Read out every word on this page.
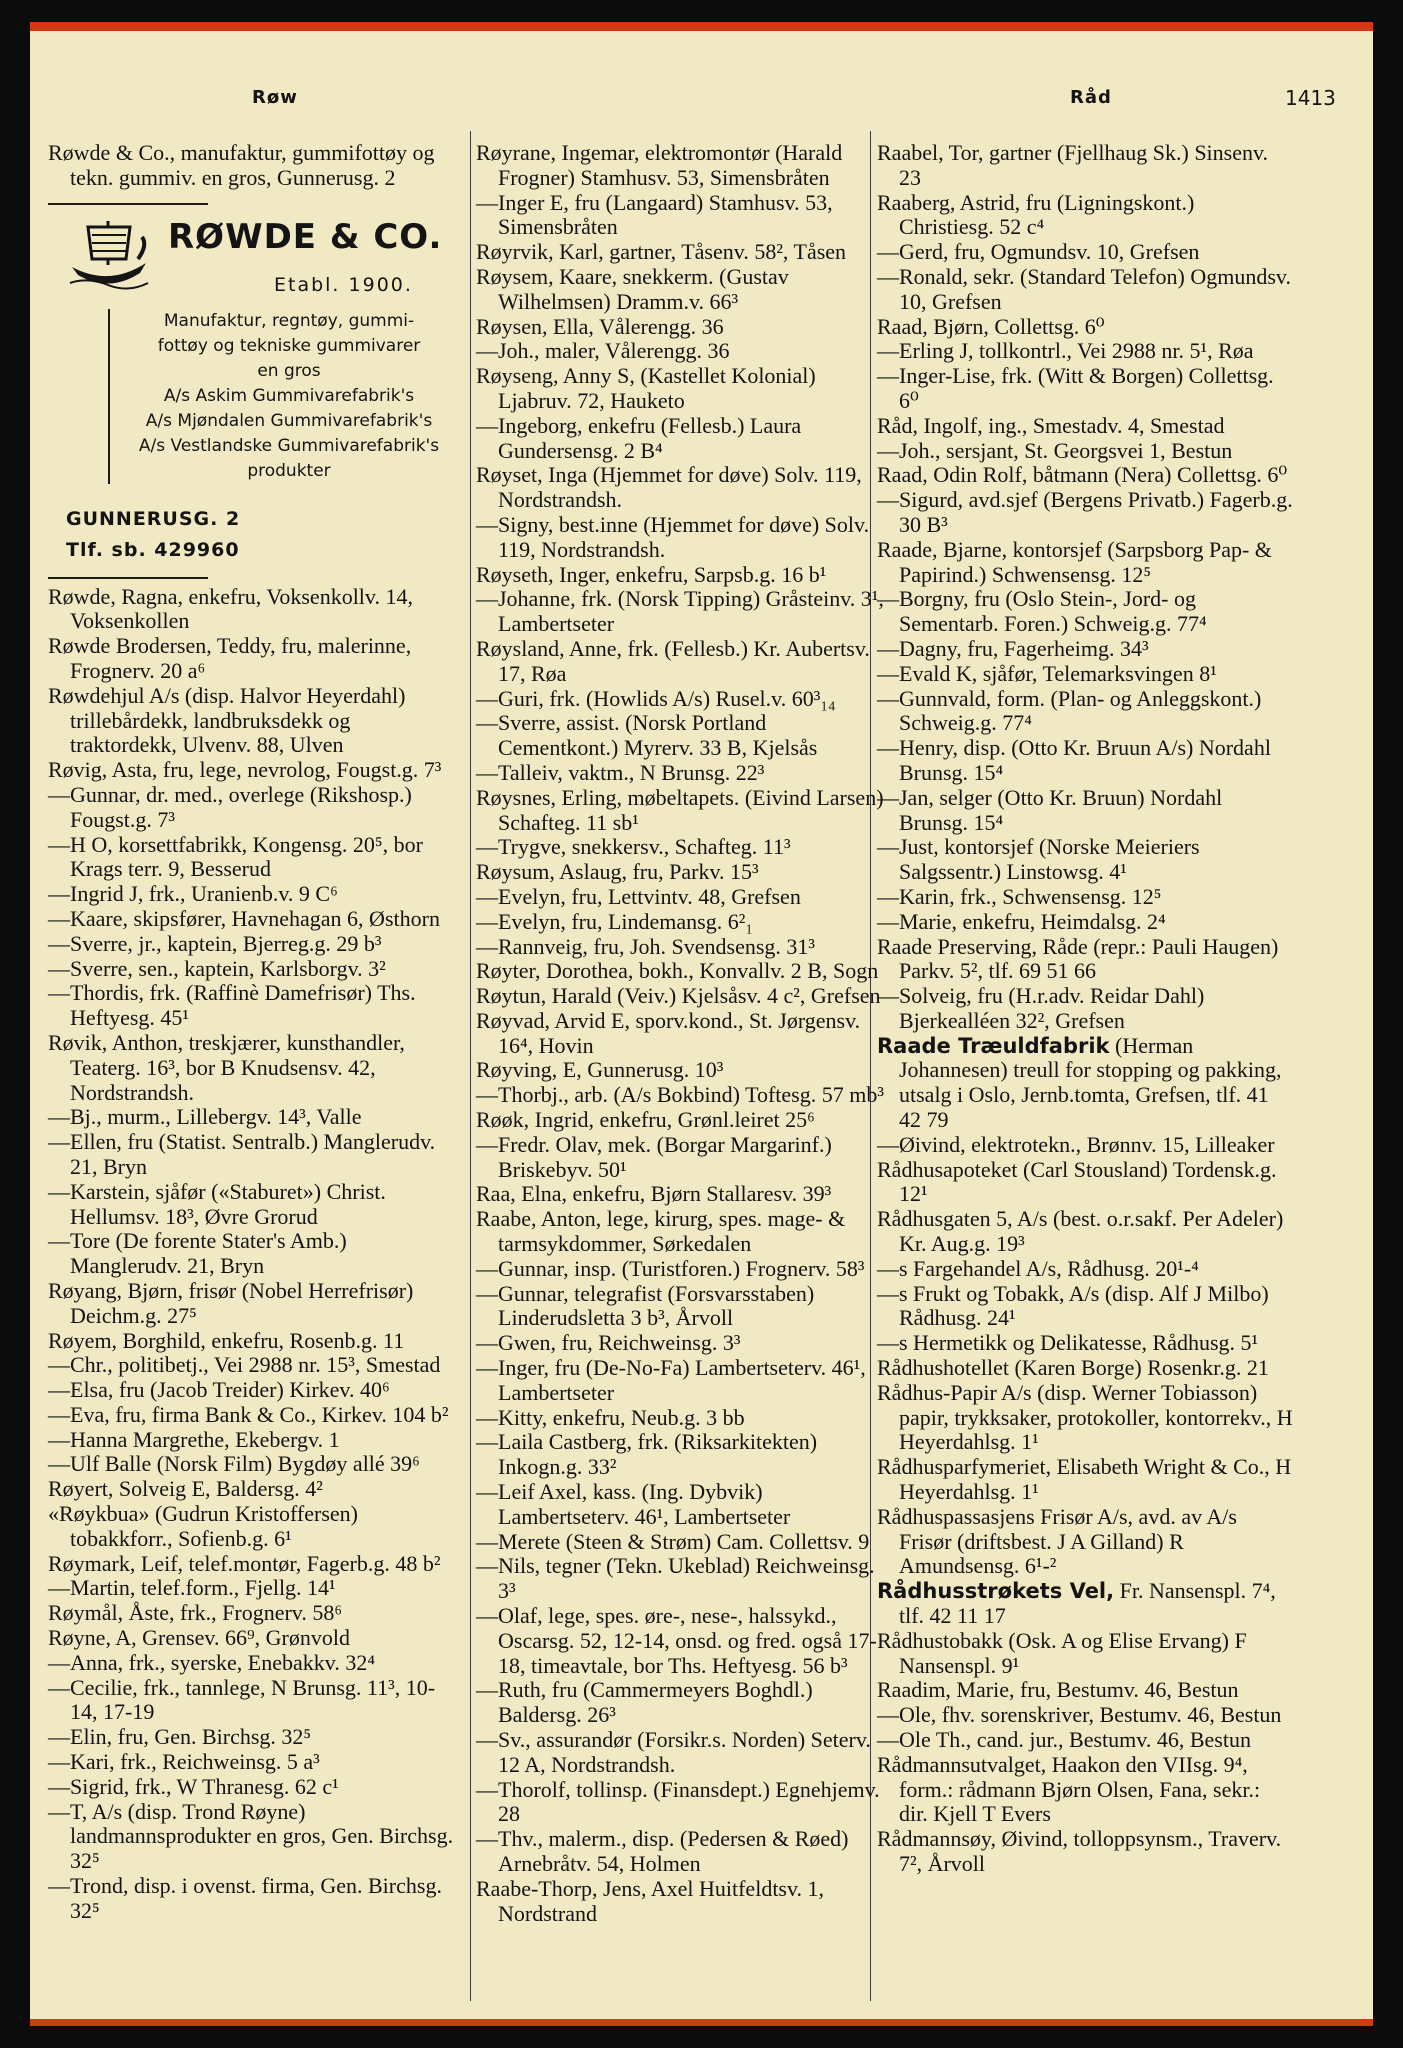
Røw	Råd	1413

Røwde & Co., manufaktur, gummifottøy og tekn. gummiv. en gros, Gunnerusg. 2

RØWDE & CO.
Etabl. 1900.
Manufaktur, regntøy, gummi-
fottøy og tekniske gummivarer
en gros
A/s Askim Gummivarefabrik's
A/s Mjøndalen Gummivarefabrik's
A/s Vestlandske Gummivarefabrik's
produkter
GUNNERUSG. 2
Tlf. sb. 429960

Røwde, Ragna, enkefru, Voksenkollv. 14, Voksenkollen

Røwde Brodersen, Teddy, fru, malerinne, Frognerv. 20 a⁶

Røwdehjul A/s (disp. Halvor Heyerdahl) trillebårdekk, landbruksdekk og traktordekk, Ulvenv. 88, Ulven

Røvig, Asta, fru, lege, nevrolog, Fougst.g. 7³

—Gunnar, dr. med., overlege (Rikshosp.) Fougst.g. 7³

—H O, korsettfabrikk, Kongensg. 20⁵, bor Krags terr. 9, Besserud

—Ingrid J, frk., Uranienb.v. 9 C⁶

—Kaare, skipsfører, Havnehagan 6, Østhorn

—Sverre, jr., kaptein, Bjerreg.g. 29 b³

—Sverre, sen., kaptein, Karlsborgv. 3²

—Thordis, frk. (Raffinè Damefrisør) Ths. Heftyesg. 45¹

Røvik, Anthon, treskjærer, kunsthandler, Teaterg. 16³, bor B Knudsensv. 42, Nordstrandsh.

—Bj., murm., Lillebergv. 14³, Valle

—Ellen, fru (Statist. Sentralb.) Manglerudv. 21, Bryn

—Karstein, sjåfør («Staburet») Christ. Hellumsv. 18³, Øvre Grorud

—Tore (De forente Stater's Amb.) Manglerudv. 21, Bryn

Røyang, Bjørn, frisør (Nobel Herrefrisør) Deichm.g. 27⁵

Røyem, Borghild, enkefru, Rosenb.g. 11

—Chr., politibetj., Vei 2988 nr. 15³, Smestad

—Elsa, fru (Jacob Treider) Kirkev. 40⁶

—Eva, fru, firma Bank & Co., Kirkev. 104 b²

—Hanna Margrethe, Ekebergv. 1

—Ulf Balle (Norsk Film) Bygdøy allé 39⁶

Røyert, Solveig E, Baldersg. 4²

«Røykbua» (Gudrun Kristoffersen) tobakkforr., Sofienb.g. 6¹

Røymark, Leif, telef.montør, Fagerb.g. 48 b²

—Martin, telef.form., Fjellg. 14¹

Røymål, Åste, frk., Frognerv. 58⁶

Røyne, A, Grensev. 66⁹, Grønvold

—Anna, frk., syerske, Enebakkv. 32⁴

—Cecilie, frk., tannlege, N Brunsg. 11³, 10-14, 17-19

—Elin, fru, Gen. Birchsg. 32⁵

—Kari, frk., Reichweinsg. 5 a³

—Sigrid, frk., W Thranesg. 62 c¹

—T, A/s (disp. Trond Røyne) landmannsprodukter en gros, Gen. Birchsg. 32⁵

—Trond, disp. i ovenst. firma, Gen. Birchsg. 32⁵

Røyrane, Ingemar, elektromontør (Harald Frogner) Stamhusv. 53, Simensbråten

—Inger E, fru (Langaard) Stamhusv. 53, Simensbråten

Røyrvik, Karl, gartner, Tåsenv. 58², Tåsen

Røysem, Kaare, snekkerm. (Gustav Wilhelmsen) Dramm.v. 66³

Røysen, Ella, Vålerengg. 36

—Joh., maler, Vålerengg. 36

Røyseng, Anny S, (Kastellet Kolonial) Ljabruv. 72, Hauketo

—Ingeborg, enkefru (Fellesb.) Laura Gundersensg. 2 B⁴

Røyset, Inga (Hjemmet for døve) Solv. 119, Nordstrandsh.

—Signy, best.inne (Hjemmet for døve) Solv. 119, Nordstrandsh.

Røyseth, Inger, enkefru, Sarpsb.g. 16 b¹

—Johanne, frk. (Norsk Tipping) Gråsteinv. 3¹, Lambertseter

Røysland, Anne, frk. (Fellesb.) Kr. Aubertsv. 17, Røa

—Guri, frk. (Howlids A/s) Rusel.v. 60³₁₄

—Sverre, assist. (Norsk Portland Cementkont.) Myrerv. 33 B, Kjelsås

—Talleiv, vaktm., N Brunsg. 22³

Røysnes, Erling, møbeltapets. (Eivind Larsen) Schafteg. 11 sb¹

—Trygve, snekkersv., Schafteg. 11³

Røysum, Aslaug, fru, Parkv. 15³

—Evelyn, fru, Lettvintv. 48, Grefsen

—Evelyn, fru, Lindemansg. 6²₁

—Rannveig, fru, Joh. Svendsensg. 31³

Røyter, Dorothea, bokh., Konvallv. 2 B, Sogn

Røytun, Harald (Veiv.) Kjelsåsv. 4 c², Grefsen

Røyvad, Arvid E, sporv.kond., St. Jørgensv. 16⁴, Hovin

Røyving, E, Gunnerusg. 10³

—Thorbj., arb. (A/s Bokbind) Toftesg. 57 mb³

Røøk, Ingrid, enkefru, Grønl.leiret 25⁶

—Fredr. Olav, mek. (Borgar Margarinf.) Briskebyv. 50¹

Raa, Elna, enkefru, Bjørn Stallaresv. 39³

Raabe, Anton, lege, kirurg, spes. mage- & tarmsykdommer, Sørkedalen

—Gunnar, insp. (Turistforen.) Frognerv. 58³

—Gunnar, telegrafist (Forsvarsstaben) Linderudsletta 3 b³, Årvoll

—Gwen, fru, Reichweinsg. 3³

—Inger, fru (De-No-Fa) Lambertseterv. 46¹, Lambertseter

—Kitty, enkefru, Neub.g. 3 bb

—Laila Castberg, frk. (Riksarkitekten) Inkogn.g. 33²

—Leif Axel, kass. (Ing. Dybvik) Lambertseterv. 46¹, Lambertseter

—Merete (Steen & Strøm) Cam. Collettsv. 9

—Nils, tegner (Tekn. Ukeblad) Reichweinsg. 3³

—Olaf, lege, spes. øre-, nese-, halssykd., Oscarsg. 52, 12-14, onsd. og fred. også 17-18, timeavtale, bor Ths. Heftyesg. 56 b³

—Ruth, fru (Cammermeyers Boghdl.) Baldersg. 26³

—Sv., assurandør (Forsikr.s. Norden) Seterv. 12 A, Nordstrandsh.

—Thorolf, tollinsp. (Finansdept.) Egnehjemv. 28

—Thv., malerm., disp. (Pedersen & Røed) Arnebråtv. 54, Holmen

Raabe-Thorp, Jens, Axel Huitfeldtsv. 1, Nordstrand

Raabel, Tor, gartner (Fjellhaug Sk.) Sinsenv. 23

Raaberg, Astrid, fru (Ligningskont.) Christiesg. 52 c⁴

—Gerd, fru, Ogmundsv. 10, Grefsen

—Ronald, sekr. (Standard Telefon) Ogmundsv. 10, Grefsen

Raad, Bjørn, Collettsg. 6⁰

—Erling J, tollkontrl., Vei 2988 nr. 5¹, Røa

—Inger-Lise, frk. (Witt & Borgen) Collettsg. 6⁰

Råd, Ingolf, ing., Smestadv. 4, Smestad

—Joh., sersjant, St. Georgsvei 1, Bestun

Raad, Odin Rolf, båtmann (Nera) Collettsg. 6⁰

—Sigurd, avd.sjef (Bergens Privatb.) Fagerb.g. 30 B³

Raade, Bjarne, kontorsjef (Sarpsborg Pap- & Papirind.) Schwensensg. 12⁵

—Borgny, fru (Oslo Stein-, Jord- og Sementarb. Foren.) Schweig.g. 77⁴

—Dagny, fru, Fagerheimg. 34³

—Evald K, sjåfør, Telemarksvingen 8¹

—Gunnvald, form. (Plan- og Anleggskont.) Schweig.g. 77⁴

—Henry, disp. (Otto Kr. Bruun A/s) Nordahl Brunsg. 15⁴

—Jan, selger (Otto Kr. Bruun) Nordahl Brunsg. 15⁴

—Just, kontorsjef (Norske Meieriers Salgssentr.) Linstowsg. 4¹

—Karin, frk., Schwensensg. 12⁵

—Marie, enkefru, Heimdalsg. 2⁴

Raade Preserving, Råde (repr.: Pauli Haugen) Parkv. 5², tlf. 69 51 66

—Solveig, fru (H.r.adv. Reidar Dahl) Bjerkealléen 32², Grefsen

Raade Træuldfabrik (Herman Johannesen) treull for stopping og pakking, utsalg i Oslo, Jernb.tomta, Grefsen, tlf. 41 42 79

—Øivind, elektrotekn., Brønnv. 15, Lilleaker

Rådhusapoteket (Carl Stousland) Tordensk.g. 12¹

Rådhusgaten 5, A/s (best. o.r.sakf. Per Adeler) Kr. Aug.g. 19³

—s Fargehandel A/s, Rådhusg. 20¹-⁴

—s Frukt og Tobakk, A/s (disp. Alf J Milbo) Rådhusg. 24¹

—s Hermetikk og Delikatesse, Rådhusg. 5¹

Rådhushotellet (Karen Borge) Rosenkr.g. 21

Rådhus-Papir A/s (disp. Werner Tobiasson) papir, trykksaker, protokoller, kontorrekv., H Heyerdahlsg. 1¹

Rådhusparfymeriet, Elisabeth Wright & Co., H Heyerdahlsg. 1¹

Rådhuspassasjens Frisør A/s, avd. av A/s Frisør (driftsbest. J A Gilland) R Amundsensg. 6¹-²

Rådhusstrøkets Vel, Fr. Nansenspl. 7⁴, tlf. 42 11 17

Rådhustobakk (Osk. A og Elise Ervang) F Nansenspl. 9¹

Raadim, Marie, fru, Bestumv. 46, Bestun

—Ole, fhv. sorenskriver, Bestumv. 46, Bestun

—Ole Th., cand. jur., Bestumv. 46, Bestun

Rådmannsutvalget, Haakon den VIIsg. 9⁴, form.: rådmann Bjørn Olsen, Fana, sekr.: dir. Kjell T Evers

Rådmannsøy, Øivind, tolloppsynsm., Traverv. 7², Årvoll
